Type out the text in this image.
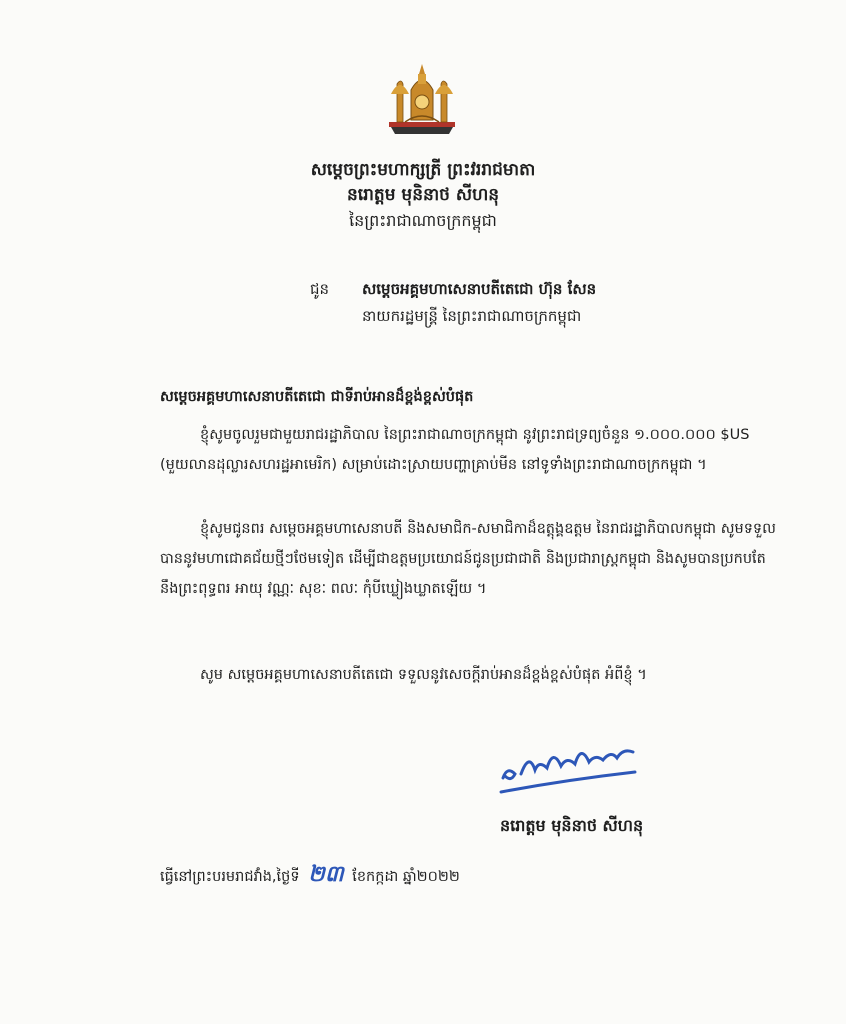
សម្តេចព្រះមហាក្សត្រី ព្រះវររាជមាតា
នរោត្តម មុនិនាថ សីហនុ
នៃព្រះរាជាណាចក្រកម្ពុជា
ជូន សម្តេចអគ្គមហាសេនាបតីតេជោ ហ៊ុន សែន
នាយករដ្ឋមន្ត្រី នៃព្រះរាជាណាចក្រកម្ពុជា
សម្តេចអគ្គមហាសេនាបតីតេជោ ជាទីរាប់អានដ៏ខ្ពង់ខ្ពស់បំផុត
ខ្ញុំសូមចូលរួមជាមួយរាជរដ្ឋាភិបាល នៃព្រះរាជាណាចក្រកម្ពុជា នូវព្រះរាជទ្រព្យចំនួន ១.០០០.០០០ $US (មួយលានដុល្លារសហរដ្ឋអាមេរិក) សម្រាប់ដោះស្រាយបញ្ហាគ្រាប់មីន នៅទូទាំងព្រះរាជាណាចក្រកម្ពុជា ។
ខ្ញុំសូមជូនពរ សម្តេចអគ្គមហាសេនាបតី និងសមាជិក-សមាជិកាដ៏ឧត្តុង្គឧត្តម នៃរាជរដ្ឋាភិបាលកម្ពុជា សូមទទួលបាននូវមហាជោគជ័យថ្មីៗថែមទៀត ដើម្បីជាឧត្តមប្រយោជន៍ជូនប្រជាជាតិ និងប្រជារាស្ត្រកម្ពុជា និងសូមបានប្រកបតែនឹងព្រះពុទ្ធពរ អាយុ វណ្ណៈ សុខៈ ពលៈ កុំបីឃ្លៀងឃ្លាតឡើយ ។
សូម សម្តេចអគ្គមហាសេនាបតីតេជោ ទទួលនូវសេចក្តីរាប់អានដ៏ខ្ពង់ខ្ពស់បំផុត អំពីខ្ញុំ ។
នរោត្តម មុនិនាថ សីហនុ
ធ្វើនៅព្រះបរមរាជវាំង,ថ្ងៃទី ២៣ ខែកក្កដា ឆ្នាំ២០២២
